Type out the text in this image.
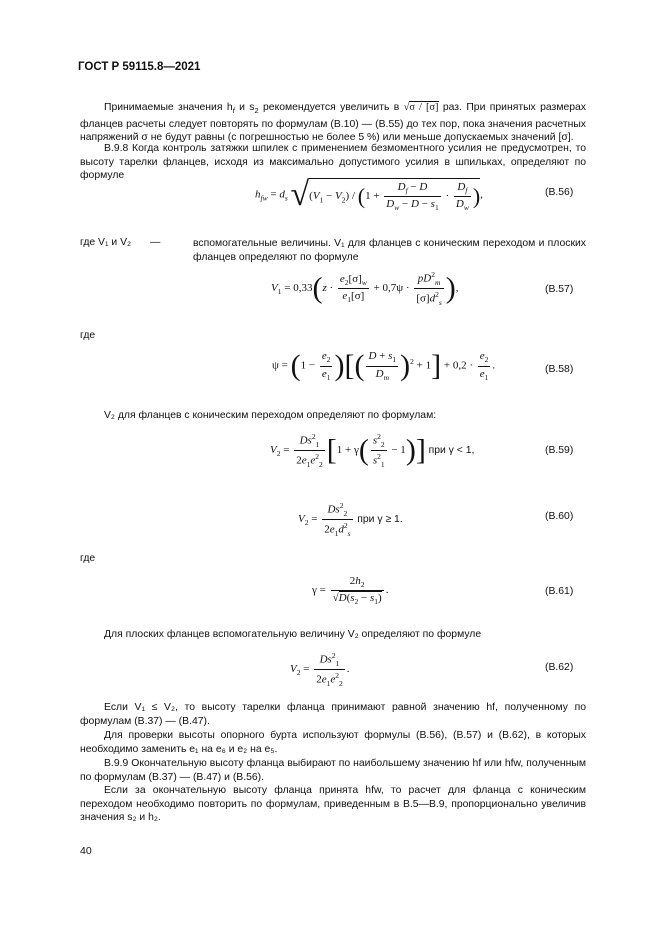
ГОСТ Р 59115.8—2021
Принимаемые значения $h_f$ и $s_2$ рекомендуется увеличить в √σ / [σ] раз. При принятых размерах фланцев расчеты следует повторять по формулам (В.10) — (В.55) до тех пор, пока значения расчетных напряжений σ не будут равны (с погрешностью не более 5 %) или меньше допускаемых значений [σ].
В.9.8 Когда контроль затяжки шпилек с применением безмоментного усилия не предусмотрен, то высоту тарелки фланцев, исходя из максимально допустимого усилия в шпильках, определяют по формуле
$h_{fw} = d_s$ $√(V_1 - V_2) / (1 + \frac{D_f - D}{D_w - D - s_1} \cdot \frac{D_f}{D_w}$ ),	(В.56)
где V₁ и V₂ —	вспомогательные величины. V₁ для фланцев с коническим переходом и плоских фланцев определяют по формуле
$V_1 = 0,33(z \cdot \frac{e_2[\sigma]_w}{e_1[\sigma]} + 0,7\psi \cdot \frac{pD^2_m}{[\sigma]d^2_s}$ ),	(В.57)
где
$\psi = (1 - \frac{e_2}{e_1}$ )[( $\frac{D + s_1}{D_m} )^2 + 1] + 0,2 \cdot \frac{e_2}{e_1}$ .	(В.58)
V₂ для фланцев с коническим переходом определяют по формулам:
$V_2 = \frac{Ds^2_1}{2e_1e^2_2} [1 + \gamma( \frac{s^2_2}{s^2_1} - 1)]$ при γ < 1,	(В.59)
$V_2 = \frac{Ds^2_2}{2e_1d^2_s}$ при γ ≥ 1.	(В.60)
где
$\gamma = \frac{2h_2}{√D(s_2 - s_1)}$ .	(В.61)
Для плоских фланцев вспомогательную величину V₂ определяют по формуле
$V_2 = \frac{Ds^2_1}{2e_1e^2_2}$ .	(В.62)
Если V₁ ≤ V₂, то высоту тарелки фланца принимают равной значению hf, полученному по формулам (В.37) — (В.47).
Для проверки высоты опорного бурта используют формулы (В.56), (В.57) и (В.62), в которых необходимо заменить e₁ на e₆ и e₂ на e₅.
В.9.9 Окончательную высоту фланца выбирают по наибольшему значению hf или hfw, полученным по формулам (В.37) — (В.47) и (В.56).
Если за окончательную высоту фланца принята hfw, то расчет для фланца с коническим переходом необходимо повторить по формулам, приведенным в В.5—В.9, пропорционально увеличив значения s₂ и h₂.
40
